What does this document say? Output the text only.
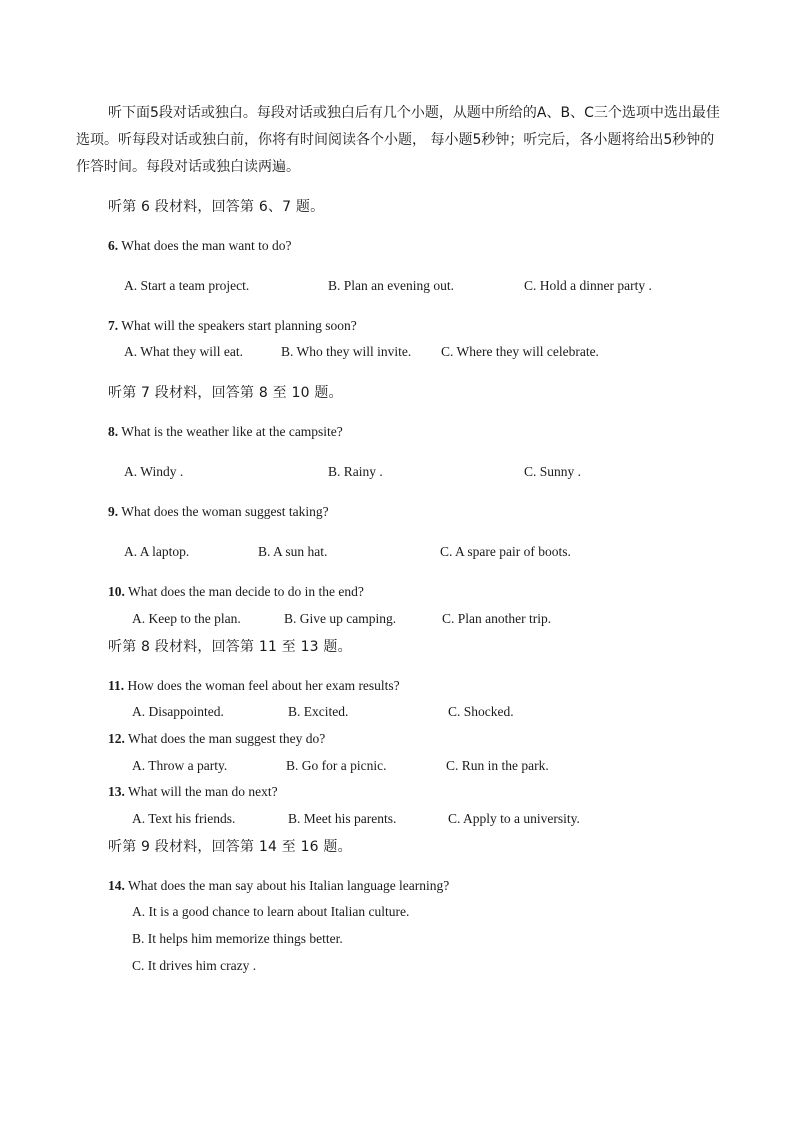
听下面5段对话或独白。每段对话或独白后有几个小题，从题中所给的A、B、C三个选项中选出最佳选项。听每段对话或独白前，你将有时间阅读各个小题， 每小题5秒钟；听完后，各小题将给出5秒钟的作答时间。每段对话或独白读两遍。
听第 6 段材料，回答第 6、7 题。
6. What does the man want to do?
A. Start a team project.	B. Plan an evening out.	C. Hold a dinner party .
7. What will the speakers start planning soon?
A. What they will eat.	B. Who they will invite. C. Where they will celebrate.
听第 7 段材料，回答第 8 至 10 题。
8. What is the weather like at the campsite?
A. Windy .	B. Rainy .	C. Sunny .
9. What does the woman suggest taking?
A. A laptop.	B. A sun hat.	C. A spare pair of boots.
10. What does the man decide to do in the end?
A. Keep to the plan.	B. Give up camping.	C. Plan another trip.
听第 8 段材料，回答第 11 至 13 题。
11. How does the woman feel about her exam results?
A. Disappointed.	B. Excited.	C. Shocked.
12. What does the man suggest they do?
A. Throw a party.	B. Go for a picnic.	C. Run in the park.
13. What will the man do next?
A. Text his friends.	B. Meet his parents.	C. Apply to a university.
听第 9 段材料，回答第 14 至 16 题。
14. What does the man say about his Italian language learning?
A. It is a good chance to learn about Italian culture.
B. It helps him memorize things better.
C. It drives him crazy .
